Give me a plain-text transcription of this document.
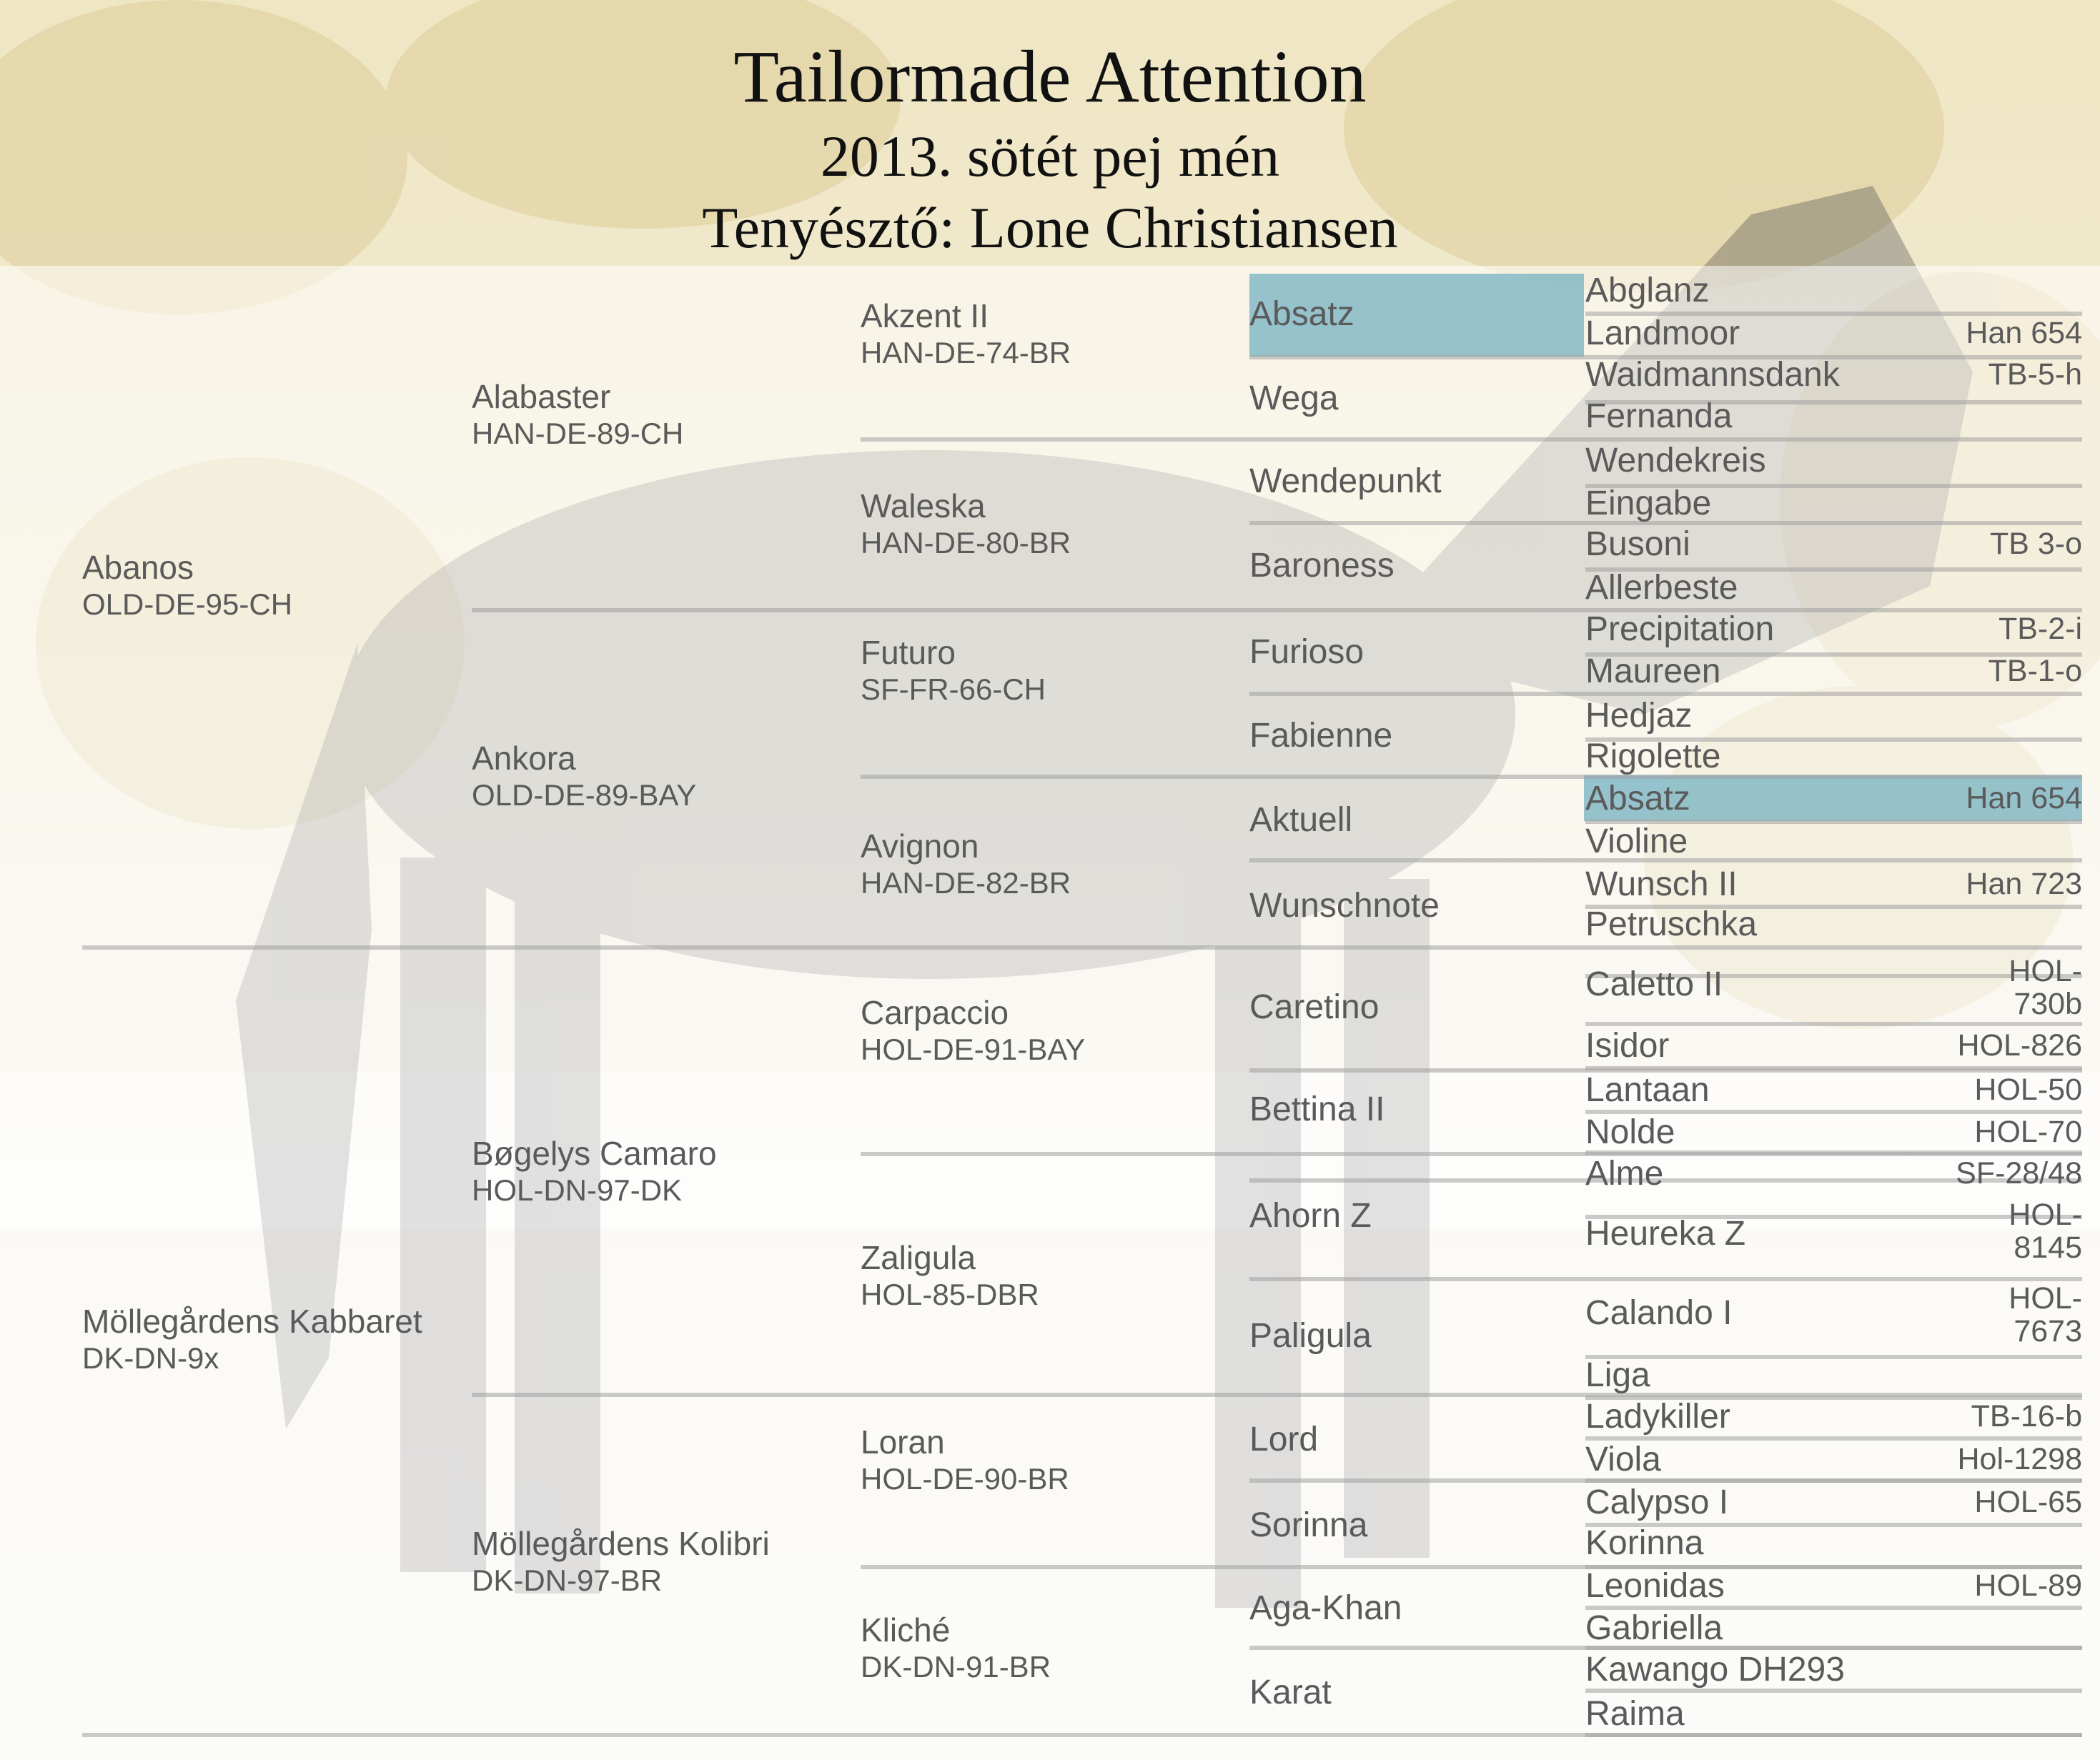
Tailormade Attention
2013. sötét pej mén
Tenyésztő: Lone Christiansen
Abanos
OLD-DE-95-CH
Möllegårdens Kabbaret
DK-DN-9x
Alabaster
HAN-DE-89-CH
Ankora
OLD-DE-89-BAY
Bøgelys Camaro
HOL-DN-97-DK
Möllegårdens Kolibri
DK-DN-97-BR
Akzent II
HAN-DE-74-BR
Waleska
HAN-DE-80-BR
Futuro
SF-FR-66-CH
Avignon
HAN-DE-82-BR
Carpaccio
HOL-DE-91-BAY
Zaligula
HOL-85-DBR
Loran
HOL-DE-90-BR
Kliché
DK-DN-91-BR
Absatz
Wega
Wendepunkt
Baroness
Furioso
Fabienne
Aktuell
Wunschnote
Caretino
Bettina II
Ahorn Z
Paligula
Lord
Sorinna
Aga-Khan
Karat
Abglanz
Landmoor	Han 654
Waidmannsdank	TB-5-h
Fernanda
Wendekreis
Eingabe
Busoni	TB 3-o
Allerbeste
Precipitation	TB-2-i
Maureen	TB-1-o
Hedjaz
Rigolette
Absatz	Han 654
Violine
Wunsch II	Han 723
Petruschka
Caletto II	HOL-
730b
Isidor	HOL-826
Lantaan	HOL-50
Nolde	HOL-70
Alme	SF-28/48
Heureka Z	HOL-
8145
Calando I	HOL-
7673
Liga
Ladykiller	TB-16-b
Viola	Hol-1298
Calypso I	HOL-65
Korinna
Leonidas	HOL-89
Gabriella
Kawango DH293
Raima
